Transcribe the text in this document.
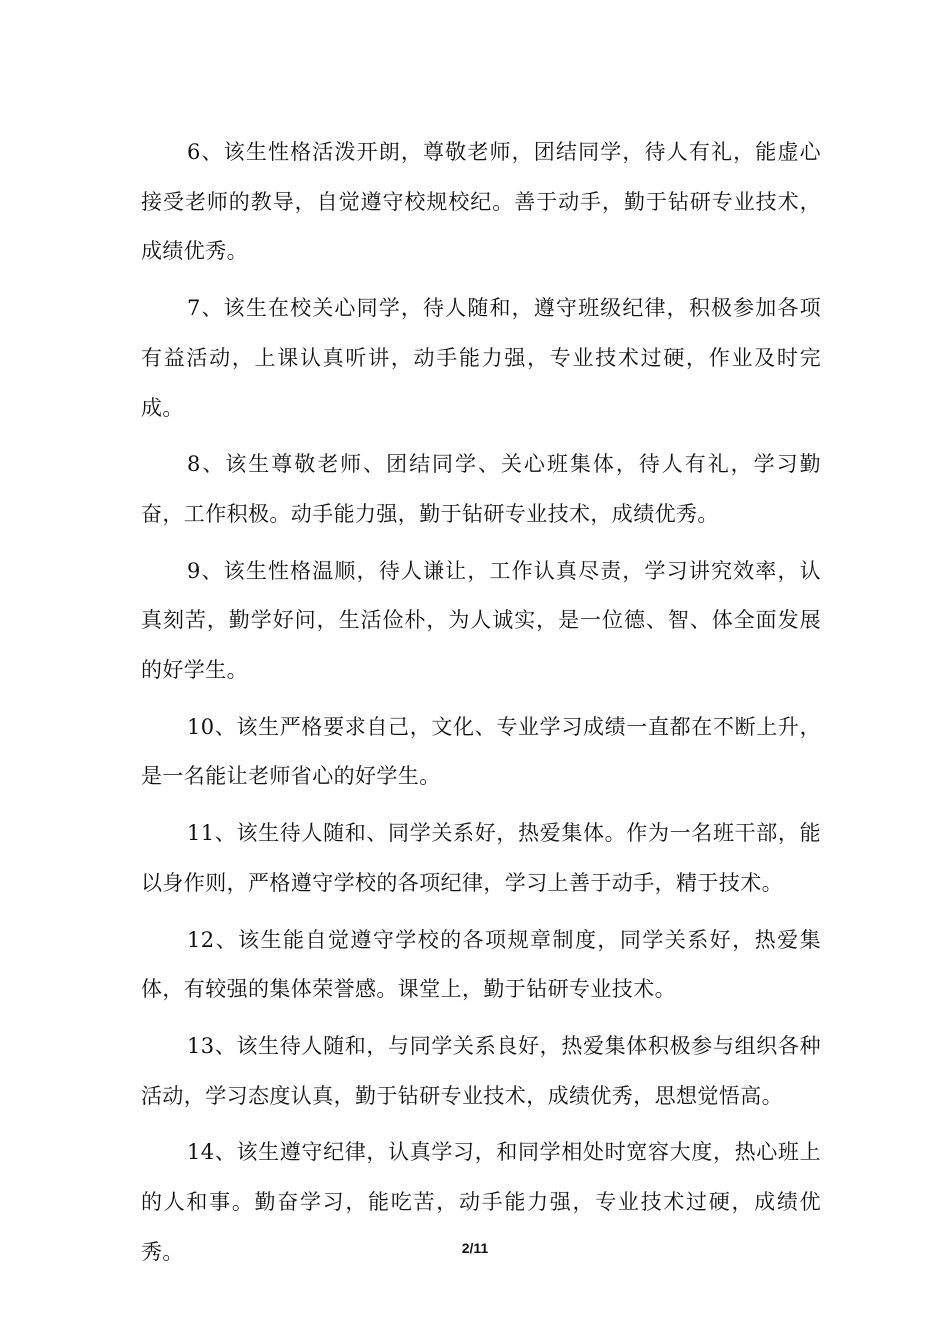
6、该生性格活泼开朗，尊敬老师，团结同学，待人有礼，能虚心接受老师的教导，自觉遵守校规校纪。善于动手，勤于钻研专业技术，成绩优秀。

7、该生在校关心同学，待人随和，遵守班级纪律，积极参加各项有益活动，上课认真听讲，动手能力强，专业技术过硬，作业及时完成。

8、该生尊敬老师、团结同学、关心班集体，待人有礼，学习勤奋，工作积极。动手能力强，勤于钻研专业技术，成绩优秀。

9、该生性格温顺，待人谦让，工作认真尽责，学习讲究效率，认真刻苦，勤学好问，生活俭朴，为人诚实，是一位德、智、体全面发展的好学生。

10、该生严格要求自己，文化、专业学习成绩一直都在不断上升，是一名能让老师省心的好学生。

11、该生待人随和、同学关系好，热爱集体。作为一名班干部，能以身作则，严格遵守学校的各项纪律，学习上善于动手，精于技术。

12、该生能自觉遵守学校的各项规章制度，同学关系好，热爱集体，有较强的集体荣誉感。课堂上，勤于钻研专业技术。

13、该生待人随和，与同学关系良好，热爱集体积极参与组织各种活动，学习态度认真，勤于钻研专业技术，成绩优秀，思想觉悟高。

14、该生遵守纪律，认真学习，和同学相处时宽容大度，热心班上的人和事。勤奋学习，能吃苦，动手能力强，专业技术过硬，成绩优秀。	2/11
